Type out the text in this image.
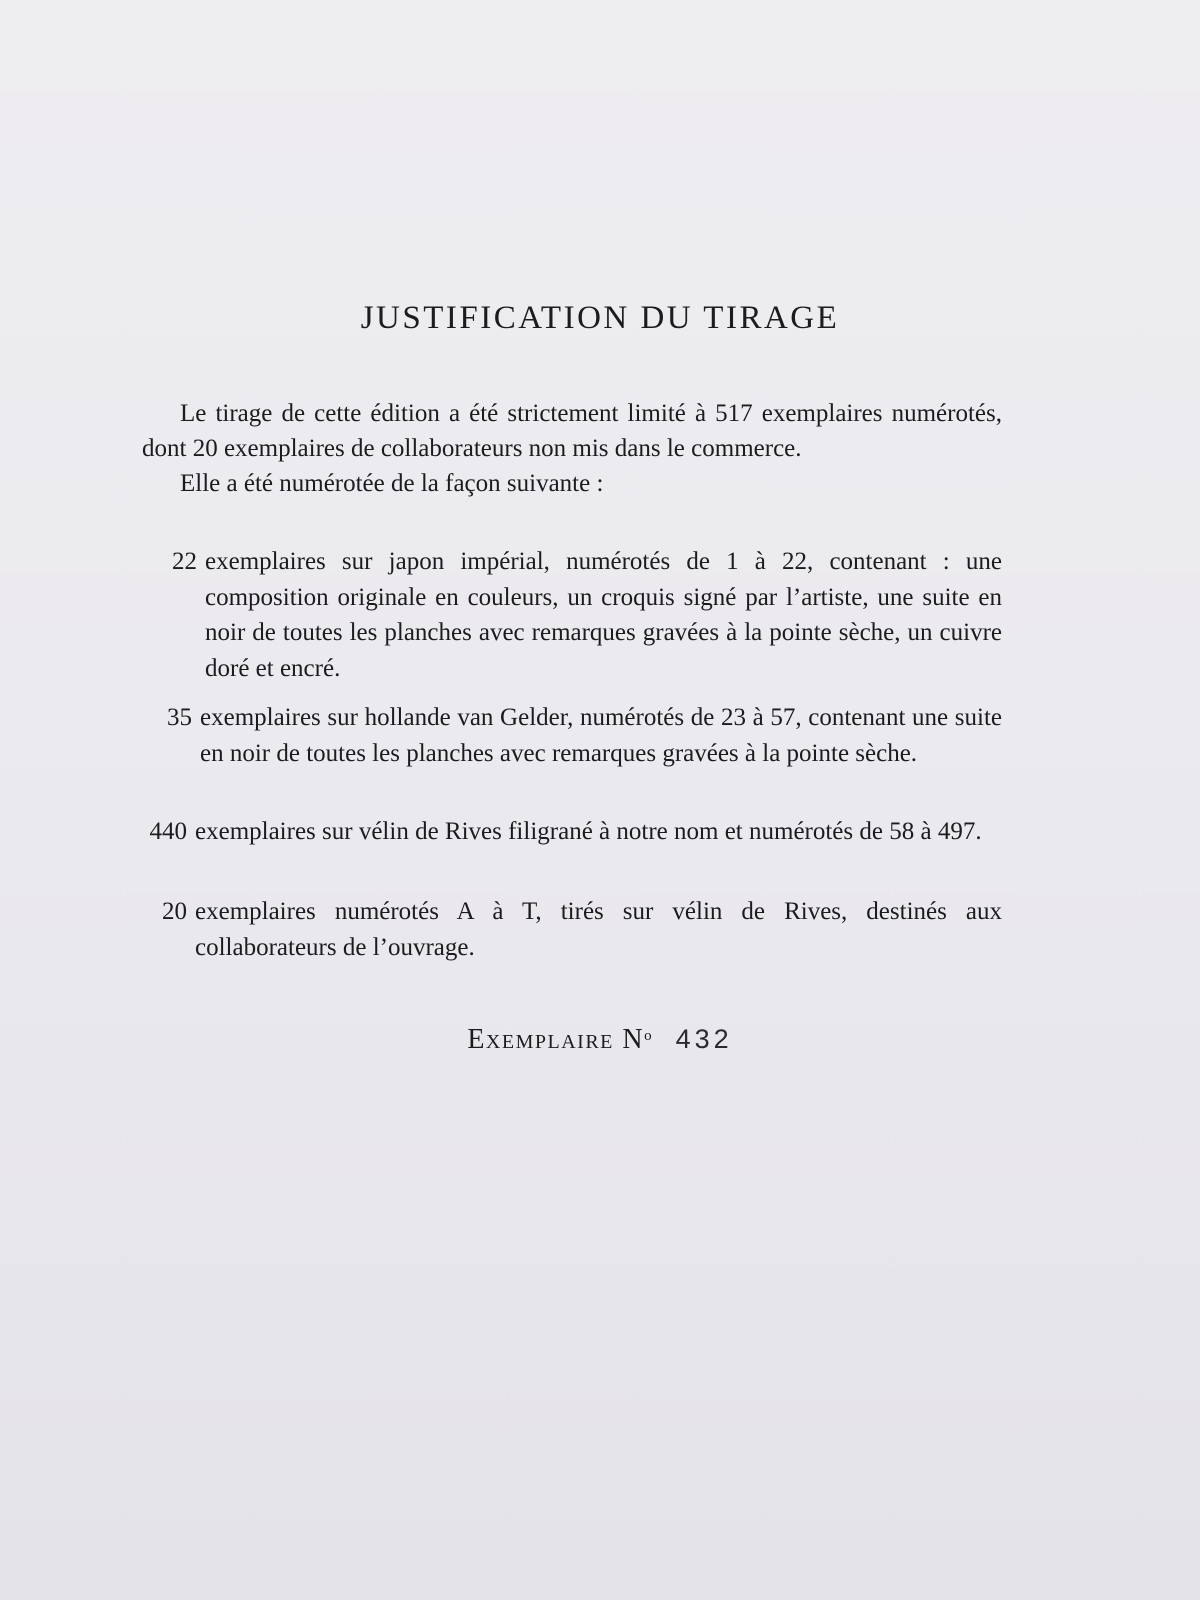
JUSTIFICATION DU TIRAGE

Le tirage de cette édition a été strictement limité à 517 exemplaires numérotés, dont 20 exemplaires de collaborateurs non mis dans le commerce.

Elle a été numérotée de la façon suivante :

22 exemplaires sur japon impérial, numérotés de 1 à 22, contenant : une composition originale en couleurs, un croquis signé par l’artiste, une suite en noir de toutes les planches avec remarques gravées à la pointe sèche, un cuivre doré et encré.
35 exemplaires sur hollande van Gelder, numérotés de 23 à 57, contenant une suite en noir de toutes les planches avec remarques gravées à la pointe sèche.
440 exemplaires sur vélin de Rives filigrané à notre nom et numérotés de 58 à 497.
20 exemplaires numérotés A à T, tirés sur vélin de Rives, destinés aux collaborateurs de l’ouvrage.
Exemplaire $N^o$ 432
